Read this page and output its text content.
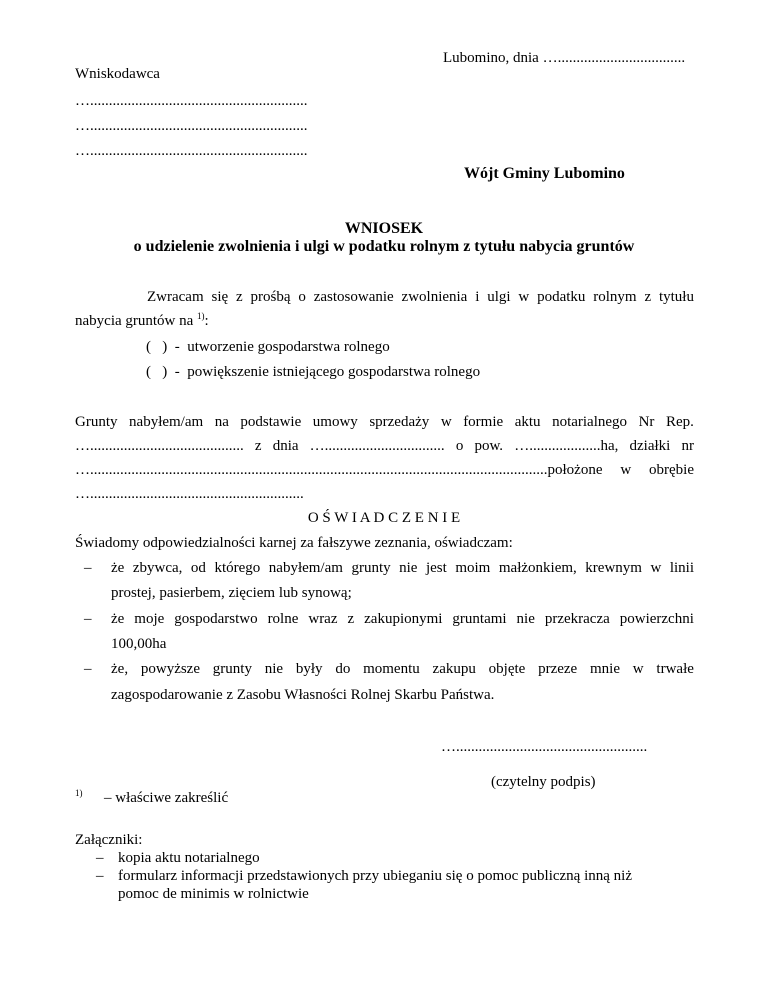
Lubomino, dnia …..................................
Wniskodawca
…..........................................................
…..........................................................
…..........................................................
Wójt Gminy Lubomino
WNIOSEK
o udzielenie zwolnienia i ulgi w podatku rolnym z tytułu nabycia gruntów
Zwracam się z prośbą o zastosowanie zwolnienia i ulgi w podatku rolnym z tytułu
nabycia gruntów na $^{1)}$:
(   ) - utworzenie gospodarstwa rolnego
(   ) - powiększenie istniejącego gospodarstwa rolnego
Grunty nabyłem/am na podstawie umowy sprzedaży w formie aktu notarialnego Nr Rep.
…......................................... z dnia …................................ o pow. …...................ha, działki nr
…..........................................................................................................................położone w obrębie
….........................................................
O Ś W I A D C Z E N I E
Świadomy odpowiedzialności karnej za fałszywe zeznania, oświadczam:
– że zbywca, od którego nabyłem/am grunty nie jest moim małżonkiem, krewnym w linii
prostej, pasierbem, zięciem lub synową;
– że moje gospodarstwo rolne wraz z zakupionymi gruntami nie przekracza powierzchni
100,00ha
– że, powyższe grunty nie były do momentu zakupu objęte przeze mnie w trwałe
zagospodarowanie z Zasobu Własności Rolnej Skarbu Państwa.
…...................................................
(czytelny podpis)
$^{1)}$ – właściwe zakreślić
Załączniki:
– kopia aktu notarialnego
– formularz informacji przedstawionych przy ubieganiu się o pomoc publiczną inną niż
pomoc de minimis w rolnictwie
